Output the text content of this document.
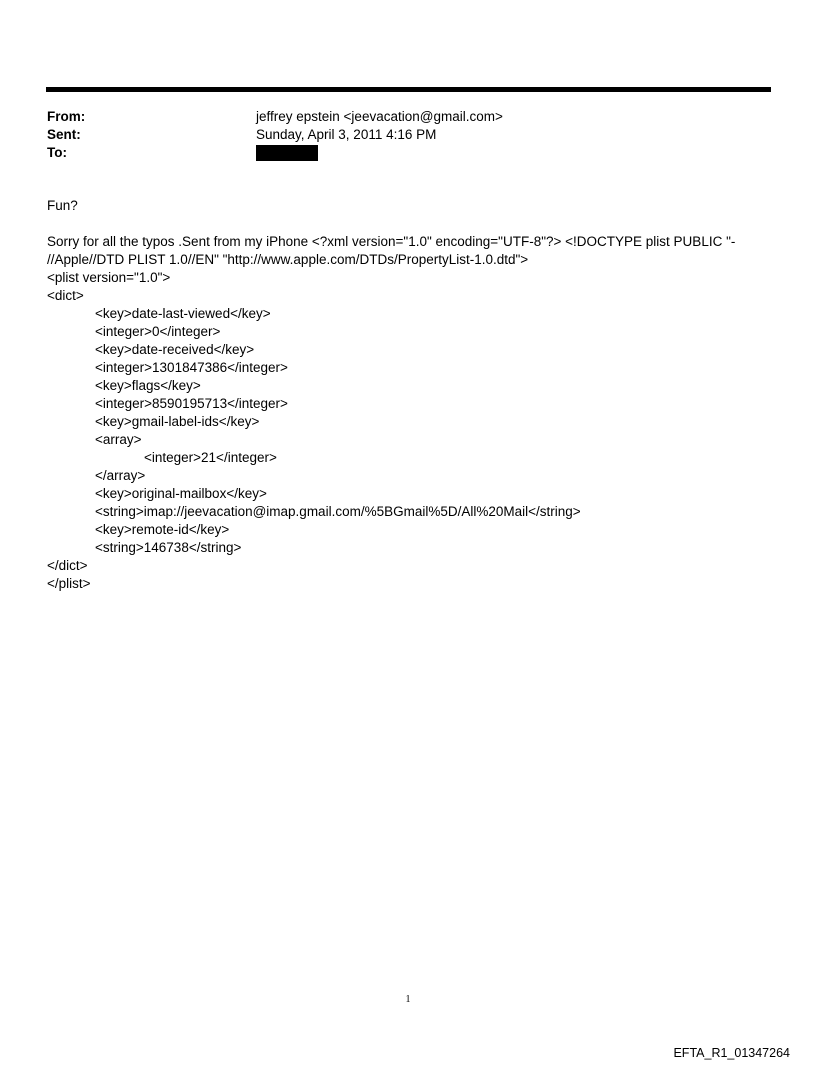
From:	jeffrey epstein <jeevacation@gmail.com>
Sent:	Sunday, April 3, 2011 4:16 PM
To:

Fun?

Sorry for all the typos .Sent from my iPhone <?xml version="1.0" encoding="UTF-8"?> <!DOCTYPE plist PUBLIC "-

//Apple//DTD PLIST 1.0//EN" "http://www.apple.com/DTDs/PropertyList-1.0.dtd">

<plist version="1.0">

<dict>

<key>date-last-viewed</key>

<integer>0</integer>

<key>date-received</key>

<integer>1301847386</integer>

<key>flags</key>

<integer>8590195713</integer>

<key>gmail-label-ids</key>

<array>

<integer>21</integer>

</array>

<key>original-mailbox</key>

<string>imap://jeevacation@imap.gmail.com/%5BGmail%5D/All%20Mail</string>

<key>remote-id</key>

<string>146738</string>

</dict>

</plist>

1
EFTA_R1_01347264
